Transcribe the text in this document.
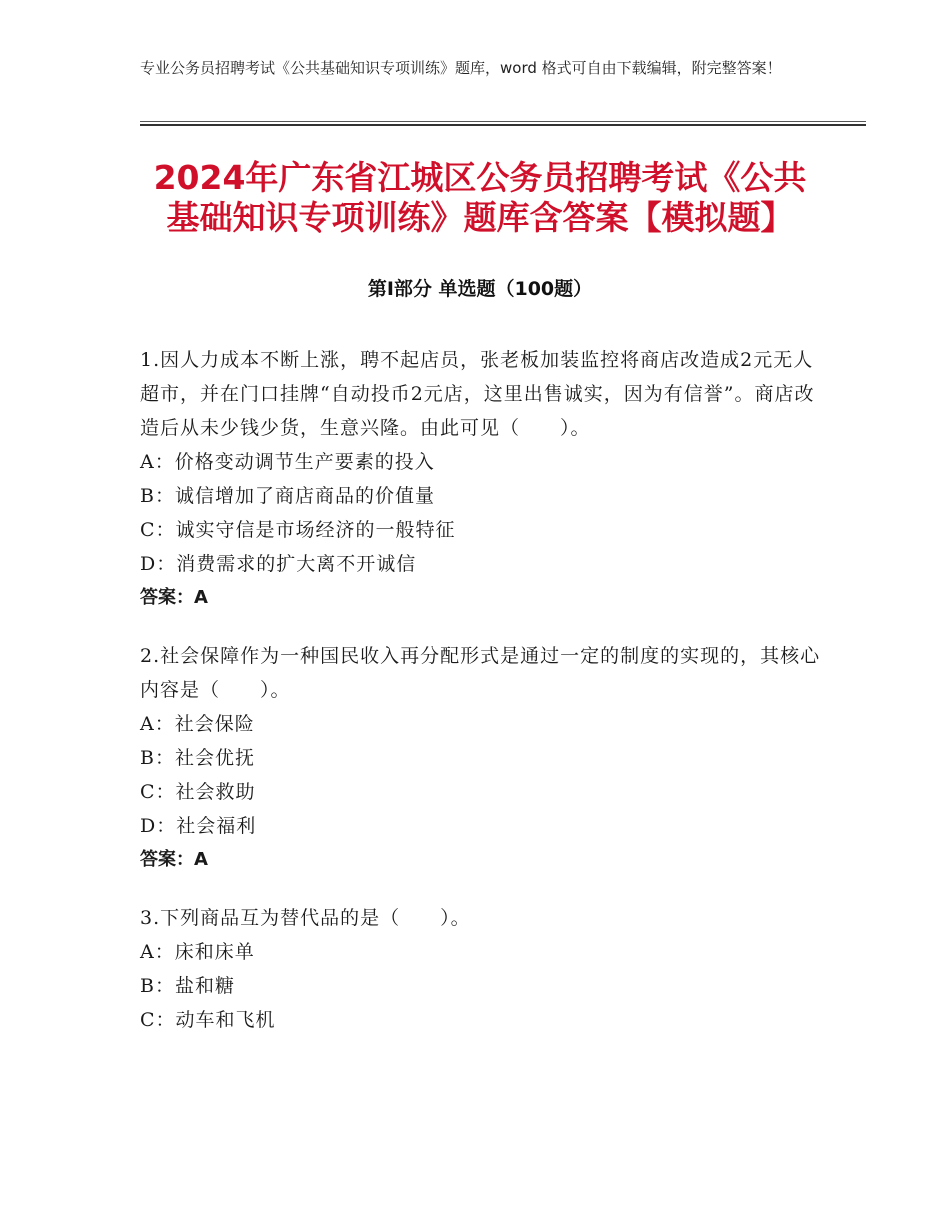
专业公务员招聘考试《公共基础知识专项训练》题库，word 格式可自由下载编辑，附完整答案！
2024年广东省江城区公务员招聘考试《公共基础知识专项训练》题库含答案【模拟题】
第I部分 单选题（100题）

1.因人力成本不断上涨，聘不起店员，张老板加装监控将商店改造成2元无人超市，并在门口挂牌“自动投币2元店，这里出售诚实，因为有信誉”。商店改造后从未少钱少货，生意兴隆。由此可见（　　）。

A：价格变动调节生产要素的投入

B：诚信增加了商店商品的价值量

C：诚实守信是市场经济的一般特征

D：消费需求的扩大离不开诚信

答案：A

2.社会保障作为一种国民收入再分配形式是通过一定的制度的实现的，其核心内容是（　　）。

A：社会保险

B：社会优抚

C：社会救助

D：社会福利

答案：A

3.下列商品互为替代品的是（　　）。

A：床和床单

B：盐和糖

C：动车和飞机
